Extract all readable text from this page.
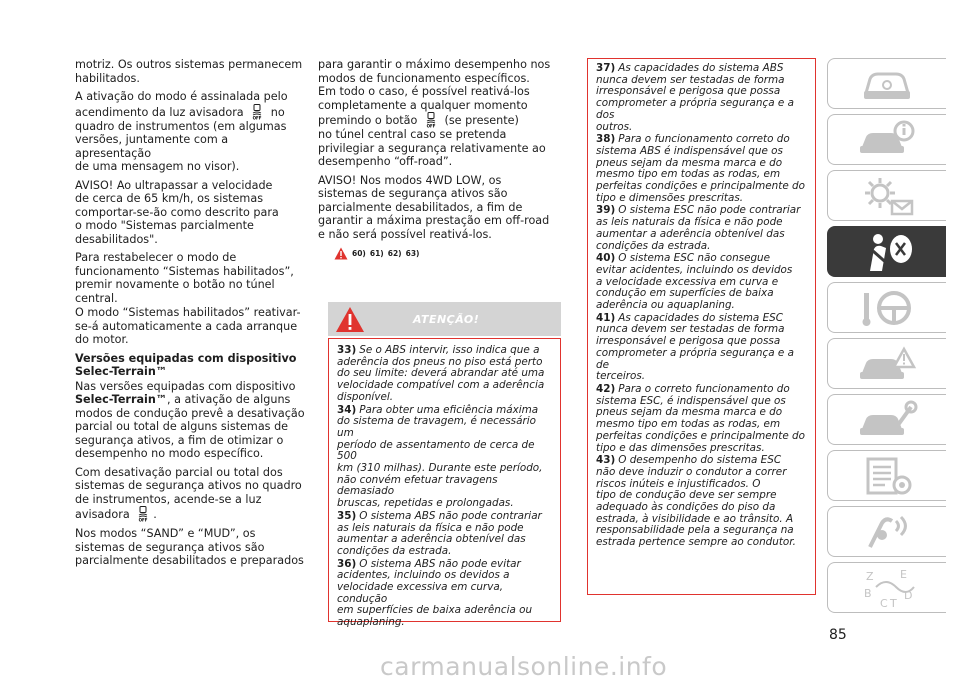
motriz. Os outros sistemas permanecem
habilitados.

A ativação do modo é assinalada pelo
acendimento da luz avisadora OFF no
quadro de instrumentos (em algumas
versões, juntamente com a apresentação
de uma mensagem no visor).

AVISO! Ao ultrapassar a velocidade
de cerca de 65 km/h, os sistemas
comportar-se-ão como descrito para
o modo "Sistemas parcialmente
desabilitados".

Para restabelecer o modo de
funcionamento “Sistemas habilitados”,
premir novamente o botão no túnel
central.

O modo “Sistemas habilitados” reativar-
se-á automaticamente a cada arranque
do motor.

Versões equipadas com dispositivo
Selec-Terrain™

Nas versões equipadas com dispositivo
Selec-Terrain™, a ativação de alguns
modos de condução prevê a desativação
parcial ou total de alguns sistemas de
segurança ativos, a fim de otimizar o
desempenho no modo específico.

Com desativação parcial ou total dos
sistemas de segurança ativos no quadro
de instrumentos, acende-se a luz
avisadora OFF .

Nos modos “SAND” e “MUD”, os
sistemas de segurança ativos são
parcialmente desabilitados e preparados

para garantir o máximo desempenho nos
modos de funcionamento específicos.
Em todo o caso, é possível reativá-los
completamente a qualquer momento
premindo o botão OFF (se presente)
no túnel central caso se pretenda
privilegiar a segurança relativamente ao
desempenho “off-road”.

AVISO! Nos modos 4WD LOW, os
sistemas de segurança ativos são
parcialmente desabilitados, a fim de
garantir a máxima prestação em off-road
e não será possível reativá-los.

60) 61) 62) 63)
ATENÇÃO!
33) Se o ABS intervir, isso indica que a
aderência dos pneus no piso está perto
do seu limite: deverá abrandar até uma
velocidade compatível com a aderência
disponível.
34) Para obter uma eficiência máxima
do sistema de travagem, é necessário um
período de assentamento de cerca de 500
km (310 milhas). Durante este período,
não convém efetuar travagens demasiado
bruscas, repetidas e prolongadas.
35) O sistema ABS não pode contrariar
as leis naturais da física e não pode
aumentar a aderência obtenível das
condições da estrada.
36) O sistema ABS não pode evitar
acidentes, incluindo os devidos a
velocidade excessiva em curva, condução
em superfícies de baixa aderência ou
aquaplaning.
37) As capacidades do sistema ABS
nunca devem ser testadas de forma
irresponsável e perigosa que possa
comprometer a própria segurança e a dos
outros.
38) Para o funcionamento correto do
sistema ABS é indispensável que os
pneus sejam da mesma marca e do
mesmo tipo em todas as rodas, em
perfeitas condições e principalmente do
tipo e dimensões prescritas.
39) O sistema ESC não pode contrariar
as leis naturais da física e não pode
aumentar a aderência obtenível das
condições da estrada.
40) O sistema ESC não consegue
evitar acidentes, incluindo os devidos
a velocidade excessiva em curva e
condução em superfícies de baixa
aderência ou aquaplaning.
41) As capacidades do sistema ESC
nunca devem ser testadas de forma
irresponsável e perigosa que possa
comprometer a própria segurança e a de
terceiros.
42) Para o correto funcionamento do
sistema ESC, é indispensável que os
pneus sejam da mesma marca e do
mesmo tipo em todas as rodas, em
perfeitas condições e principalmente do
tipo e das dimensões prescritas.
43) O desempenho do sistema ESC
não deve induzir o condutor a correr
riscos inúteis e injustificados. O
tipo de condução deve ser sempre
adequado às condições do piso da
estrada, à visibilidade e ao trânsito. A
responsabilidade pela a segurança na
estrada pertence sempre ao condutor.
Z E
B
C T
D
85
carmanualsonline.info
